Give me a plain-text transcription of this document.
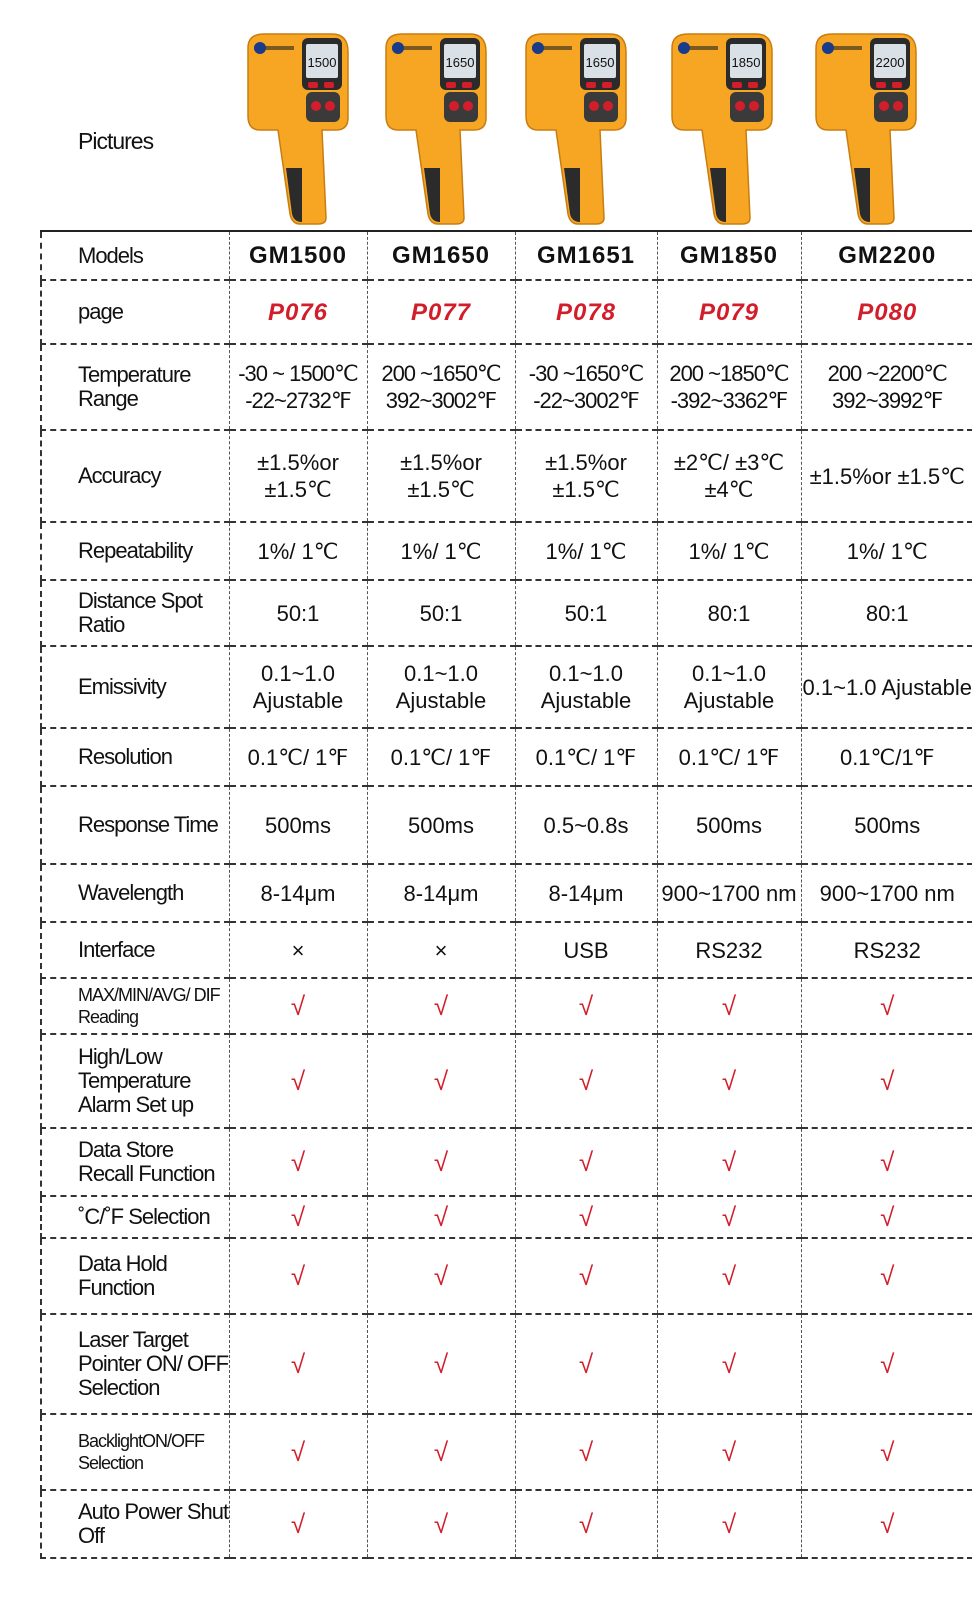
Pictures
1500	1650	1650	1850	2200
Models	GM1500	GM1650	GM1651	GM1850	GM2200
page	P076	P077	P078	P079	P080
Temperature Range	-30 ~ 1500℃ -22~2732℉	200 ~1650℃ 392~3002℉	-30 ~1650℃ -22~3002℉	200 ~1850℃ -392~3362℉	200 ~2200℃ 392~3992℉
Accuracy	±1.5%or ±1.5℃	±1.5%or ±1.5℃	±1.5%or ±1.5℃	±2℃/ ±3℃ ±4℃	±1.5%or ±1.5℃
Repeatability	1%/ 1℃	1%/ 1℃	1%/ 1℃	1%/ 1℃	1%/ 1℃
Distance Spot Ratio	50:1	50:1	50:1	80:1	80:1
Emissivity	0.1~1.0 Ajustable	0.1~1.0 Ajustable	0.1~1.0 Ajustable	0.1~1.0 Ajustable	0.1~1.0 Ajustable
Resolution	0.1℃/ 1℉	0.1℃/ 1℉	0.1℃/ 1℉	0.1℃/ 1℉	0.1℃/1℉
Response Time	500ms	500ms	0.5~0.8s	500ms	500ms
Wavelength	8-14μm	8-14μm	8-14μm	900~1700 nm	900~1700 nm
Interface	×	×	USB	RS232	RS232
MAX/MIN/AVG/ DIF Reading	√	√	√	√	√
High/Low Temperature Alarm Set up	√	√	√	√	√
Data Store Recall Function	√	√	√	√	√
˚C/˚F Selection	√	√	√	√	√
Data Hold Function	√	√	√	√	√
Laser Target Pointer ON/ OFF Selection	√	√	√	√	√
BacklightON/OFF Selection	√	√	√	√	√
Auto Power Shut Off	√	√	√	√	√
